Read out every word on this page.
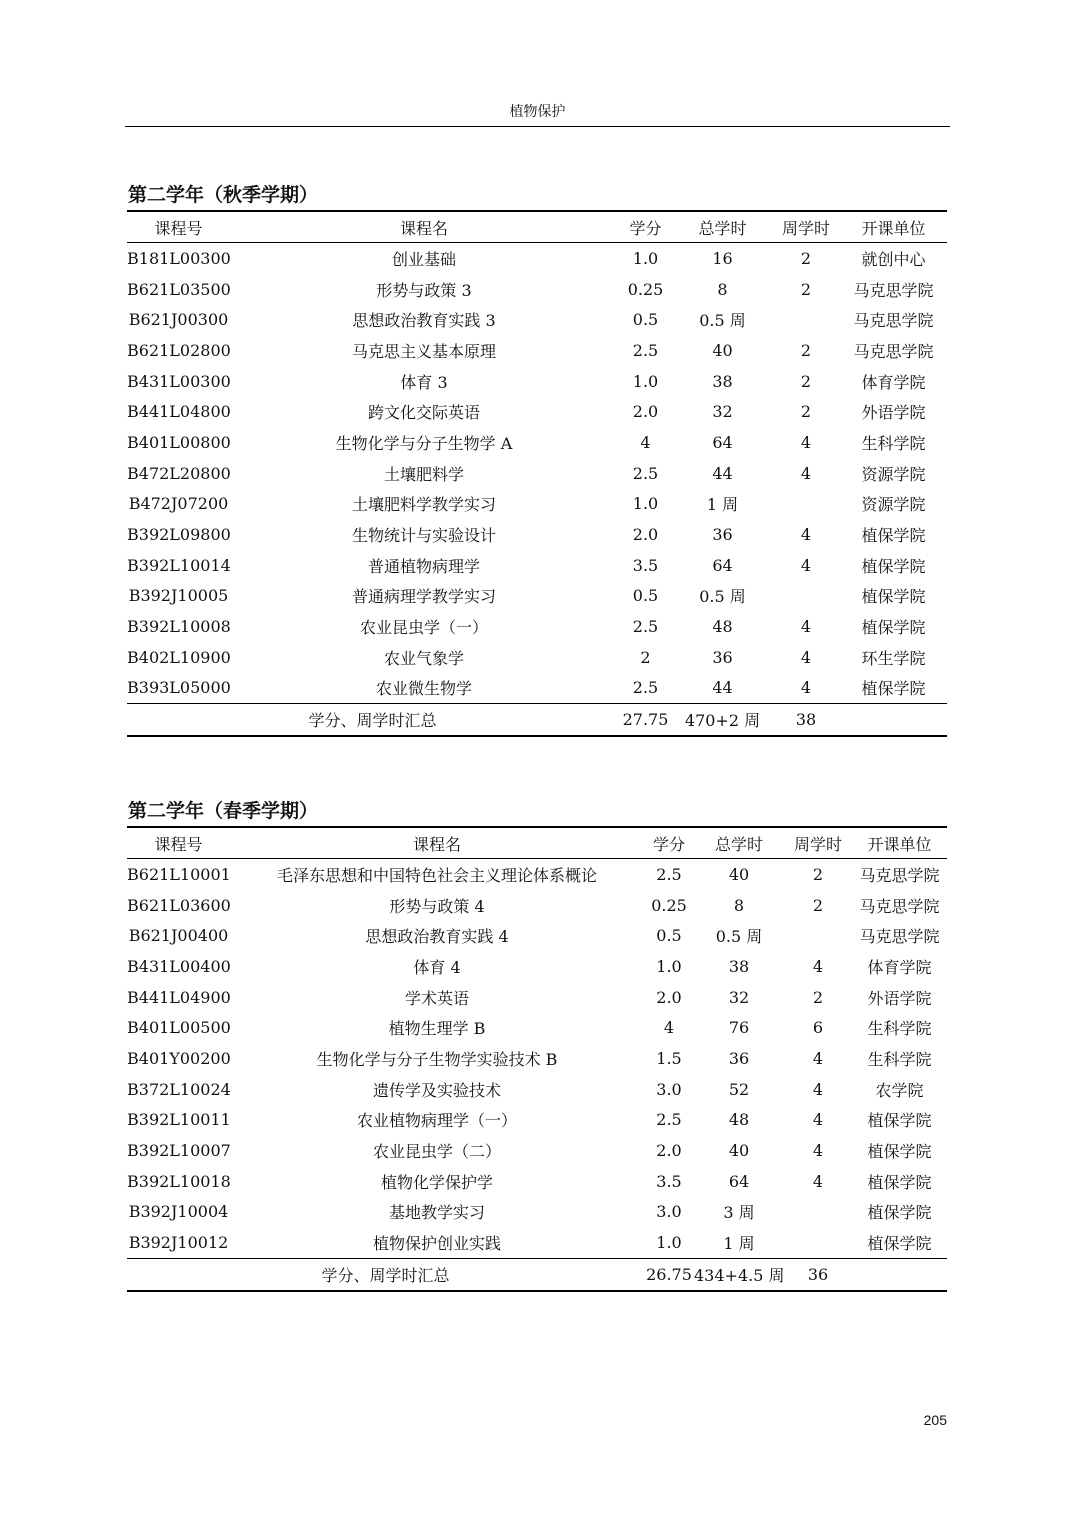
植物保护
第二学年（秋季学期）
课程号	课程名	学分	总学时	周学时	开课单位
B181L00300	创业基础	1.0	16	2	就创中心
B621L03500	形势与政策 3	0.25	8	2	马克思学院
B621J00300	思想政治教育实践 3	0.5	0.5 周		马克思学院
B621L02800	马克思主义基本原理	2.5	40	2	马克思学院
B431L00300	体育 3	1.0	38	2	体育学院
B441L04800	跨文化交际英语	2.0	32	2	外语学院
B401L00800	生物化学与分子生物学 A	4	64	4	生科学院
B472L20800	土壤肥料学	2.5	44	4	资源学院
B472J07200	土壤肥料学教学实习	1.0	1 周		资源学院
B392L09800	生物统计与实验设计	2.0	36	4	植保学院
B392L10014	普通植物病理学	3.5	64	4	植保学院
B392J10005	普通病理学教学实习	0.5	0.5 周		植保学院
B392L10008	农业昆虫学（一）	2.5	48	4	植保学院
B402L10900	农业气象学	2	36	4	环生学院
B393L05000	农业微生物学	2.5	44	4	植保学院
学分、周学时汇总		27.75	470+2 周	38	
第二学年（春季学期）
课程号	课程名	学分	总学时	周学时	开课单位
B621L10001	毛泽东思想和中国特色社会主义理论体系概论	2.5	40	2	马克思学院
B621L03600	形势与政策 4	0.25	8	2	马克思学院
B621J00400	思想政治教育实践 4	0.5	0.5 周		马克思学院
B431L00400	体育 4	1.0	38	4	体育学院
B441L04900	学术英语	2.0	32	2	外语学院
B401L00500	植物生理学 B	4	76	6	生科学院
B401Y00200	生物化学与分子生物学实验技术 B	1.5	36	4	生科学院
B372L10024	遗传学及实验技术	3.0	52	4	农学院
B392L10011	农业植物病理学（一）	2.5	48	4	植保学院
B392L10007	农业昆虫学（二）	2.0	40	4	植保学院
B392L10018	植物化学保护学	3.5	64	4	植保学院
B392J10004	基地教学实习	3.0	3 周		植保学院
B392J10012	植物保护创业实践	1.0	1 周		植保学院
学分、周学时汇总		26.75	434+4.5 周	36	
205
